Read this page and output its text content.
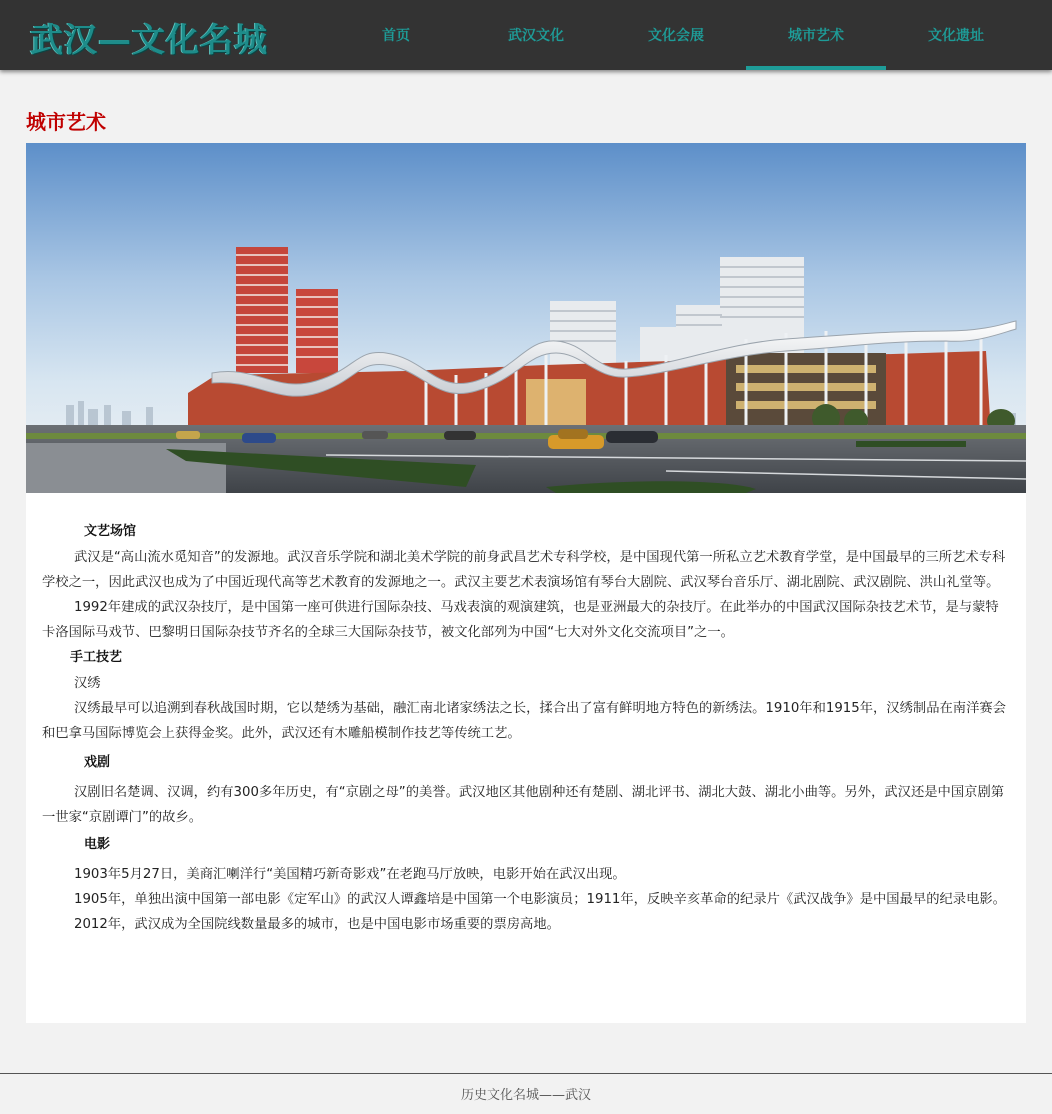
武汉—文化名城	首页	武汉文化	文化会展	城市艺术	文化遗址
城市艺术
文艺场馆
武汉是“高山流水觅知音”的发源地。武汉音乐学院和湖北美术学院的前身武昌艺术专科学校，是中国现代第一所私立艺术教育学堂，是中国最早的三所艺术专科学校之一，因此武汉也成为了中国近现代高等艺术教育的发源地之一。武汉主要艺术表演场馆有琴台大剧院、武汉琴台音乐厅、湖北剧院、武汉剧院、洪山礼堂等。
1992年建成的武汉杂技厅，是中国第一座可供进行国际杂技、马戏表演的观演建筑，也是亚洲最大的杂技厅。在此举办的中国武汉国际杂技艺术节，是与蒙特卡洛国际马戏节、巴黎明日国际杂技节齐名的全球三大国际杂技节，被文化部列为中国“七大对外文化交流项目”之一。
手工技艺
汉绣
汉绣最早可以追溯到春秋战国时期，它以楚绣为基础，融汇南北诸家绣法之长，揉合出了富有鲜明地方特色的新绣法。1910年和1915年，汉绣制品在南洋赛会和巴拿马国际博览会上获得金奖。此外，武汉还有木雕船模制作技艺等传统工艺。
戏剧
汉剧旧名楚调、汉调，约有300多年历史，有“京剧之母”的美誉。武汉地区其他剧种还有楚剧、湖北评书、湖北大鼓、湖北小曲等。另外，武汉还是中国京剧第一世家“京剧谭门”的故乡。
电影
1903年5月27日，美商汇喇洋行“美国精巧新奇影戏”在老跑马厅放映，电影开始在武汉出现。
1905年，单独出演中国第一部电影《定军山》的武汉人谭鑫培是中国第一个电影演员；1911年，反映辛亥革命的纪录片《武汉战争》是中国最早的纪录电影。
2012年，武汉成为全国院线数量最多的城市，也是中国电影市场重要的票房高地。
历史文化名城——武汉
